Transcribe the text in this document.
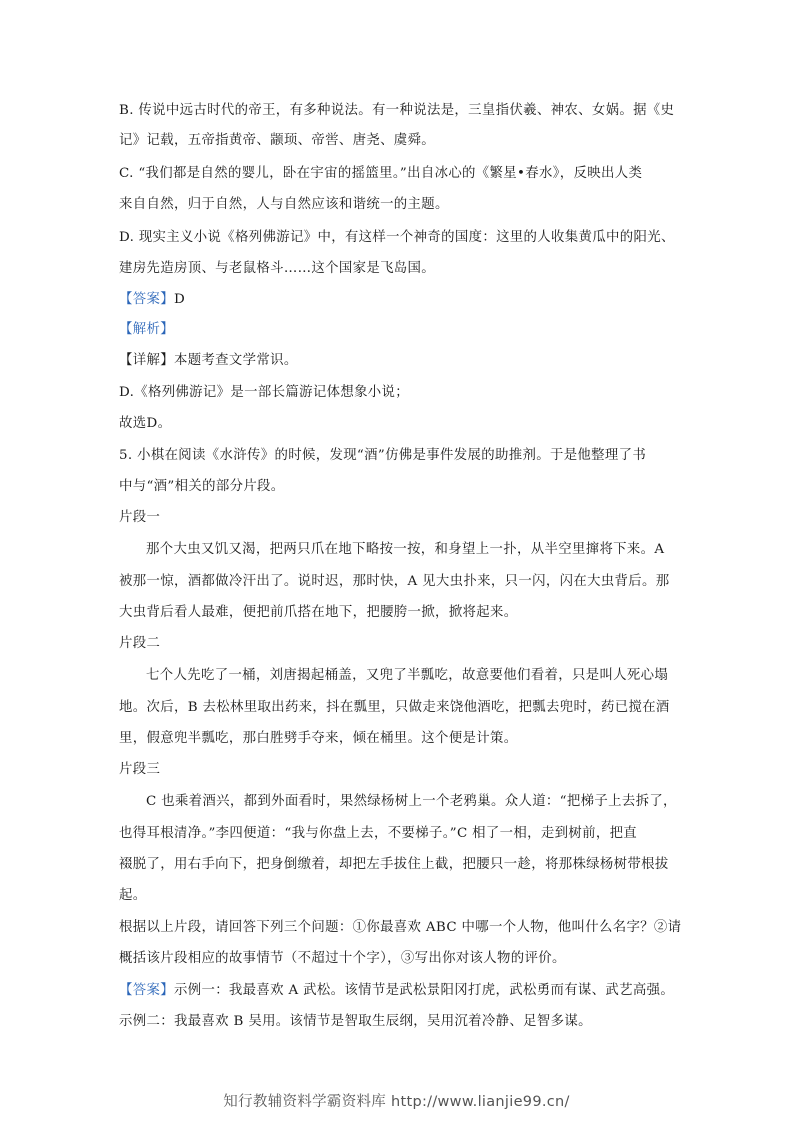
B. 传说中远古时代的帝王，有多种说法。有一种说法是，三皇指伏羲、神农、女娲。据《史
记》记载，五帝指黄帝、颛顼、帝喾、唐尧、虞舜。
C. “我们都是自然的婴儿，卧在宇宙的摇篮里。”出自冰心的《繁星•春水》，反映出人类
来自自然，归于自然，人与自然应该和谐统一的主题。
D. 现实主义小说《格列佛游记》中，有这样一个神奇的国度：这里的人收集黄瓜中的阳光、
建房先造房顶、与老鼠格斗……这个国家是飞岛国。
【答案】D
【解析】
【详解】本题考查文学常识。
D.《格列佛游记》是一部长篇游记体想象小说；
故选D。
5. 小棋在阅读《水浒传》的时候，发现“酒”仿佛是事件发展的助推剂。于是他整理了书
中与“酒”相关的部分片段。
片段一
那个大虫又饥又渴，把两只爪在地下略按一按，和身望上一扑，从半空里撺将下来。A
被那一惊，酒都做冷汗出了。说时迟，那时快，A 见大虫扑来，只一闪，闪在大虫背后。那
大虫背后看人最难，便把前爪搭在地下，把腰胯一掀，掀将起来。
片段二
七个人先吃了一桶，刘唐揭起桶盖，又兜了半瓢吃，故意要他们看着，只是叫人死心塌
地。次后，B 去松林里取出药来，抖在瓢里，只做走来饶他酒吃，把瓢去兜时，药已搅在酒
里，假意兜半瓢吃，那白胜劈手夺来，倾在桶里。这个便是计策。
片段三
C 也乘着酒兴，都到外面看时，果然绿杨树上一个老鸦巢。众人道：“把梯子上去拆了，
也得耳根清净。”李四便道：“我与你盘上去，不要梯子。”C 相了一相，走到树前，把直
裰脱了，用右手向下，把身倒缴着，却把左手拔住上截，把腰只一趁，将那株绿杨树带根拔
起。
根据以上片段，请回答下列三个问题：①你最喜欢 ABC 中哪一个人物，他叫什么名字？②请
概括该片段相应的故事情节（不超过十个字），③写出你对该人物的评价。
【答案】示例一：我最喜欢 A 武松。该情节是武松景阳冈打虎，武松勇而有谋、武艺高强。
示例二：我最喜欢 B 吴用。该情节是智取生辰纲，吴用沉着冷静、足智多谋。
知行教辅资料学霸资料库 http://www.lianjie99.cn/
